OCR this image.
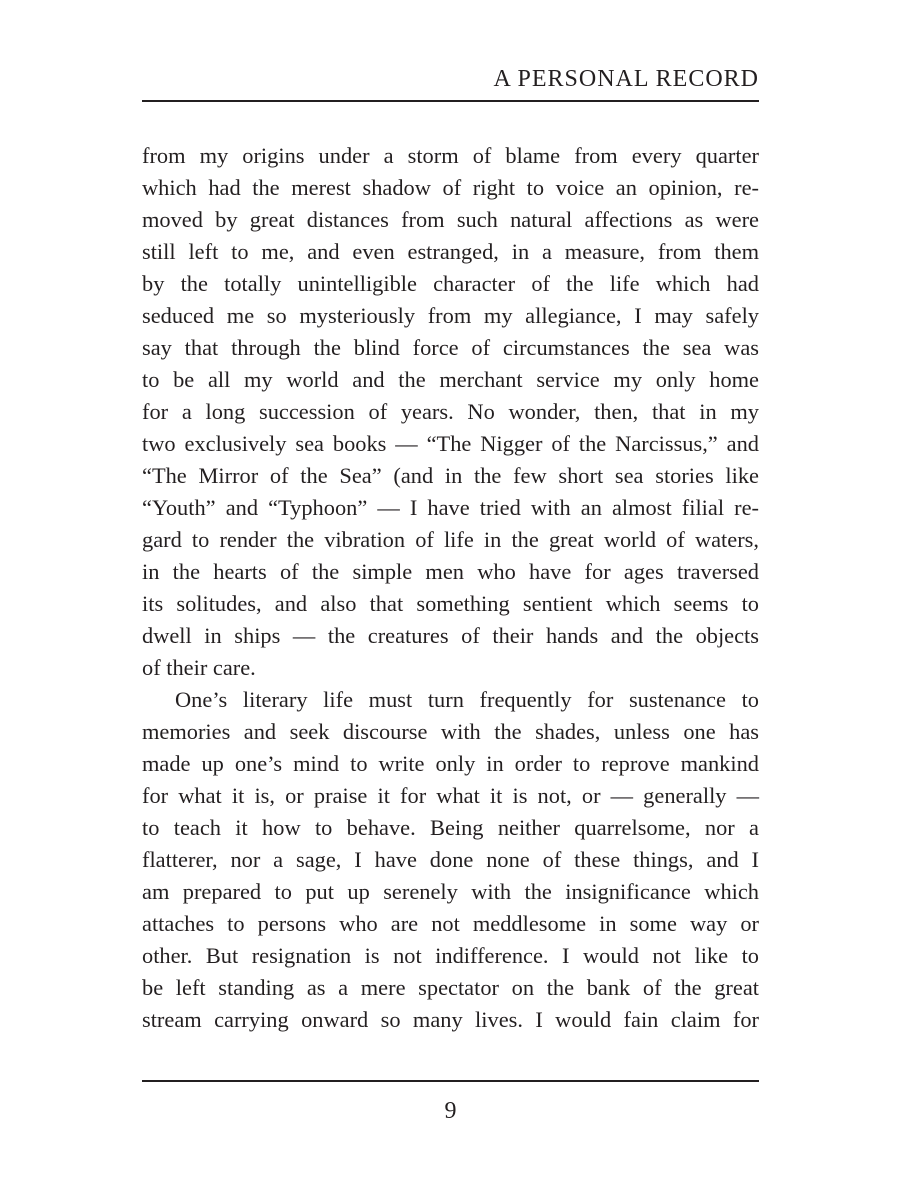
A PERSONAL RECORD
from my origins under a storm of blame from every quarter
which had the merest shadow of right to voice an opinion, re-
moved by great distances from such natural affections as were
still left to me, and even estranged, in a measure, from them
by the totally unintelligible character of the life which had
seduced me so mysteriously from my allegiance, I may safely
say that through the blind force of circumstances the sea was
to be all my world and the merchant service my only home
for a long succession of years. No wonder, then, that in my
two exclusively sea books — “The Nigger of the Narcissus,” and
“The Mirror of the Sea” (and in the few short sea stories like
“Youth” and “Typhoon” — I have tried with an almost filial re-
gard to render the vibration of life in the great world of waters,
in the hearts of the simple men who have for ages traversed
its solitudes, and also that something sentient which seems to
dwell in ships — the creatures of their hands and the objects
of their care.
One’s literary life must turn frequently for sustenance to
memories and seek discourse with the shades, unless one has
made up one’s mind to write only in order to reprove mankind
for what it is, or praise it for what it is not, or — generally —
to teach it how to behave. Being neither quarrelsome, nor a
flatterer, nor a sage, I have done none of these things, and I
am prepared to put up serenely with the insignificance which
attaches to persons who are not meddlesome in some way or
other. But resignation is not indifference. I would not like to
be left standing as a mere spectator on the bank of the great
stream carrying onward so many lives. I would fain claim for
9
